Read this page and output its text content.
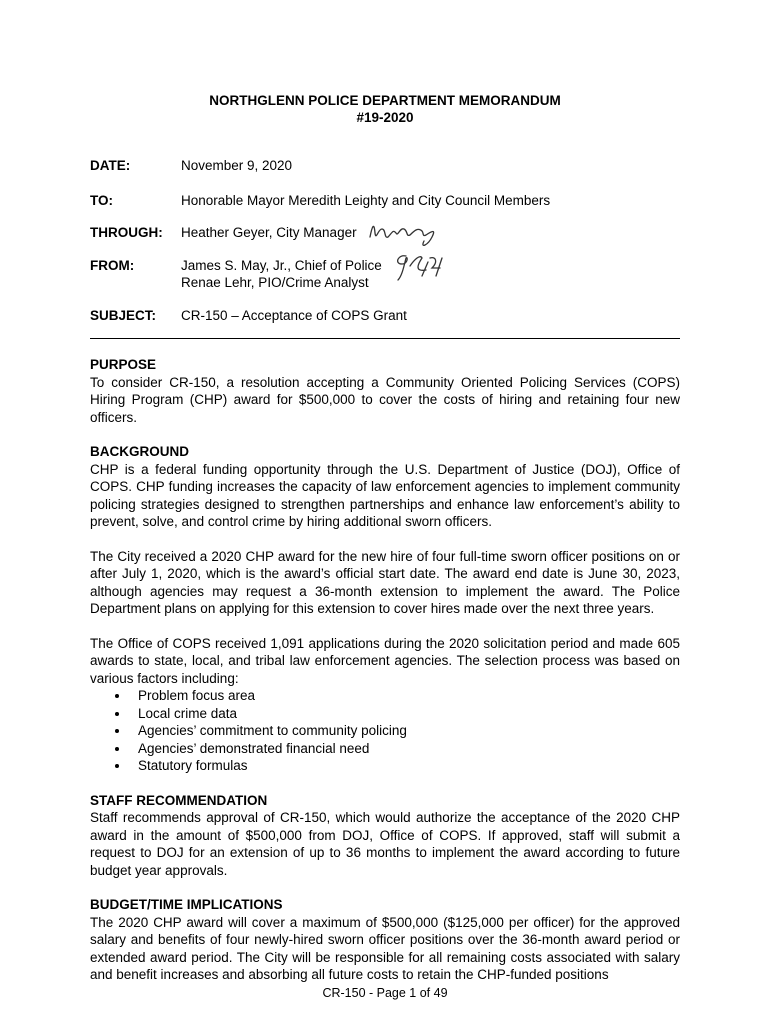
NORTHGLENN POLICE DEPARTMENT MEMORANDUM
#19-2020
DATE:	November 9, 2020
TO:	Honorable Mayor Meredith Leighty and City Council Members
THROUGH:	Heather Geyer, City Manager
FROM:	James S. May, Jr., Chief of Police
Renae Lehr, PIO/Crime Analyst
SUBJECT:	CR-150 – Acceptance of COPS Grant
PURPOSE

To consider CR-150, a resolution accepting a Community Oriented Policing Services (COPS) Hiring Program (CHP) award for $500,000 to cover the costs of hiring and retaining four new officers.

BACKGROUND

CHP is a federal funding opportunity through the U.S. Department of Justice (DOJ), Office of COPS. CHP funding increases the capacity of law enforcement agencies to implement community policing strategies designed to strengthen partnerships and enhance law enforcement’s ability to prevent, solve, and control crime by hiring additional sworn officers.

The City received a 2020 CHP award for the new hire of four full-time sworn officer positions on or after July 1, 2020, which is the award’s official start date. The award end date is June 30, 2023, although agencies may request a 36-month extension to implement the award. The Police Department plans on applying for this extension to cover hires made over the next three years.

The Office of COPS received 1,091 applications during the 2020 solicitation period and made 605 awards to state, local, and tribal law enforcement agencies. The selection process was based on various factors including:

• Problem focus area
• Local crime data
• Agencies’ commitment to community policing
• Agencies’ demonstrated financial need
• Statutory formulas
STAFF RECOMMENDATION

Staff recommends approval of CR-150, which would authorize the acceptance of the 2020 CHP award in the amount of $500,000 from DOJ, Office of COPS. If approved, staff will submit a request to DOJ for an extension of up to 36 months to implement the award according to future budget year approvals.

BUDGET/TIME IMPLICATIONS

The 2020 CHP award will cover a maximum of $500,000 ($125,000 per officer) for the approved salary and benefits of four newly-hired sworn officer positions over the 36-month award period or extended award period. The City will be responsible for all remaining costs associated with salary and benefit increases and absorbing all future costs to retain the CHP-funded positions

CR-150 - Page 1 of 49
